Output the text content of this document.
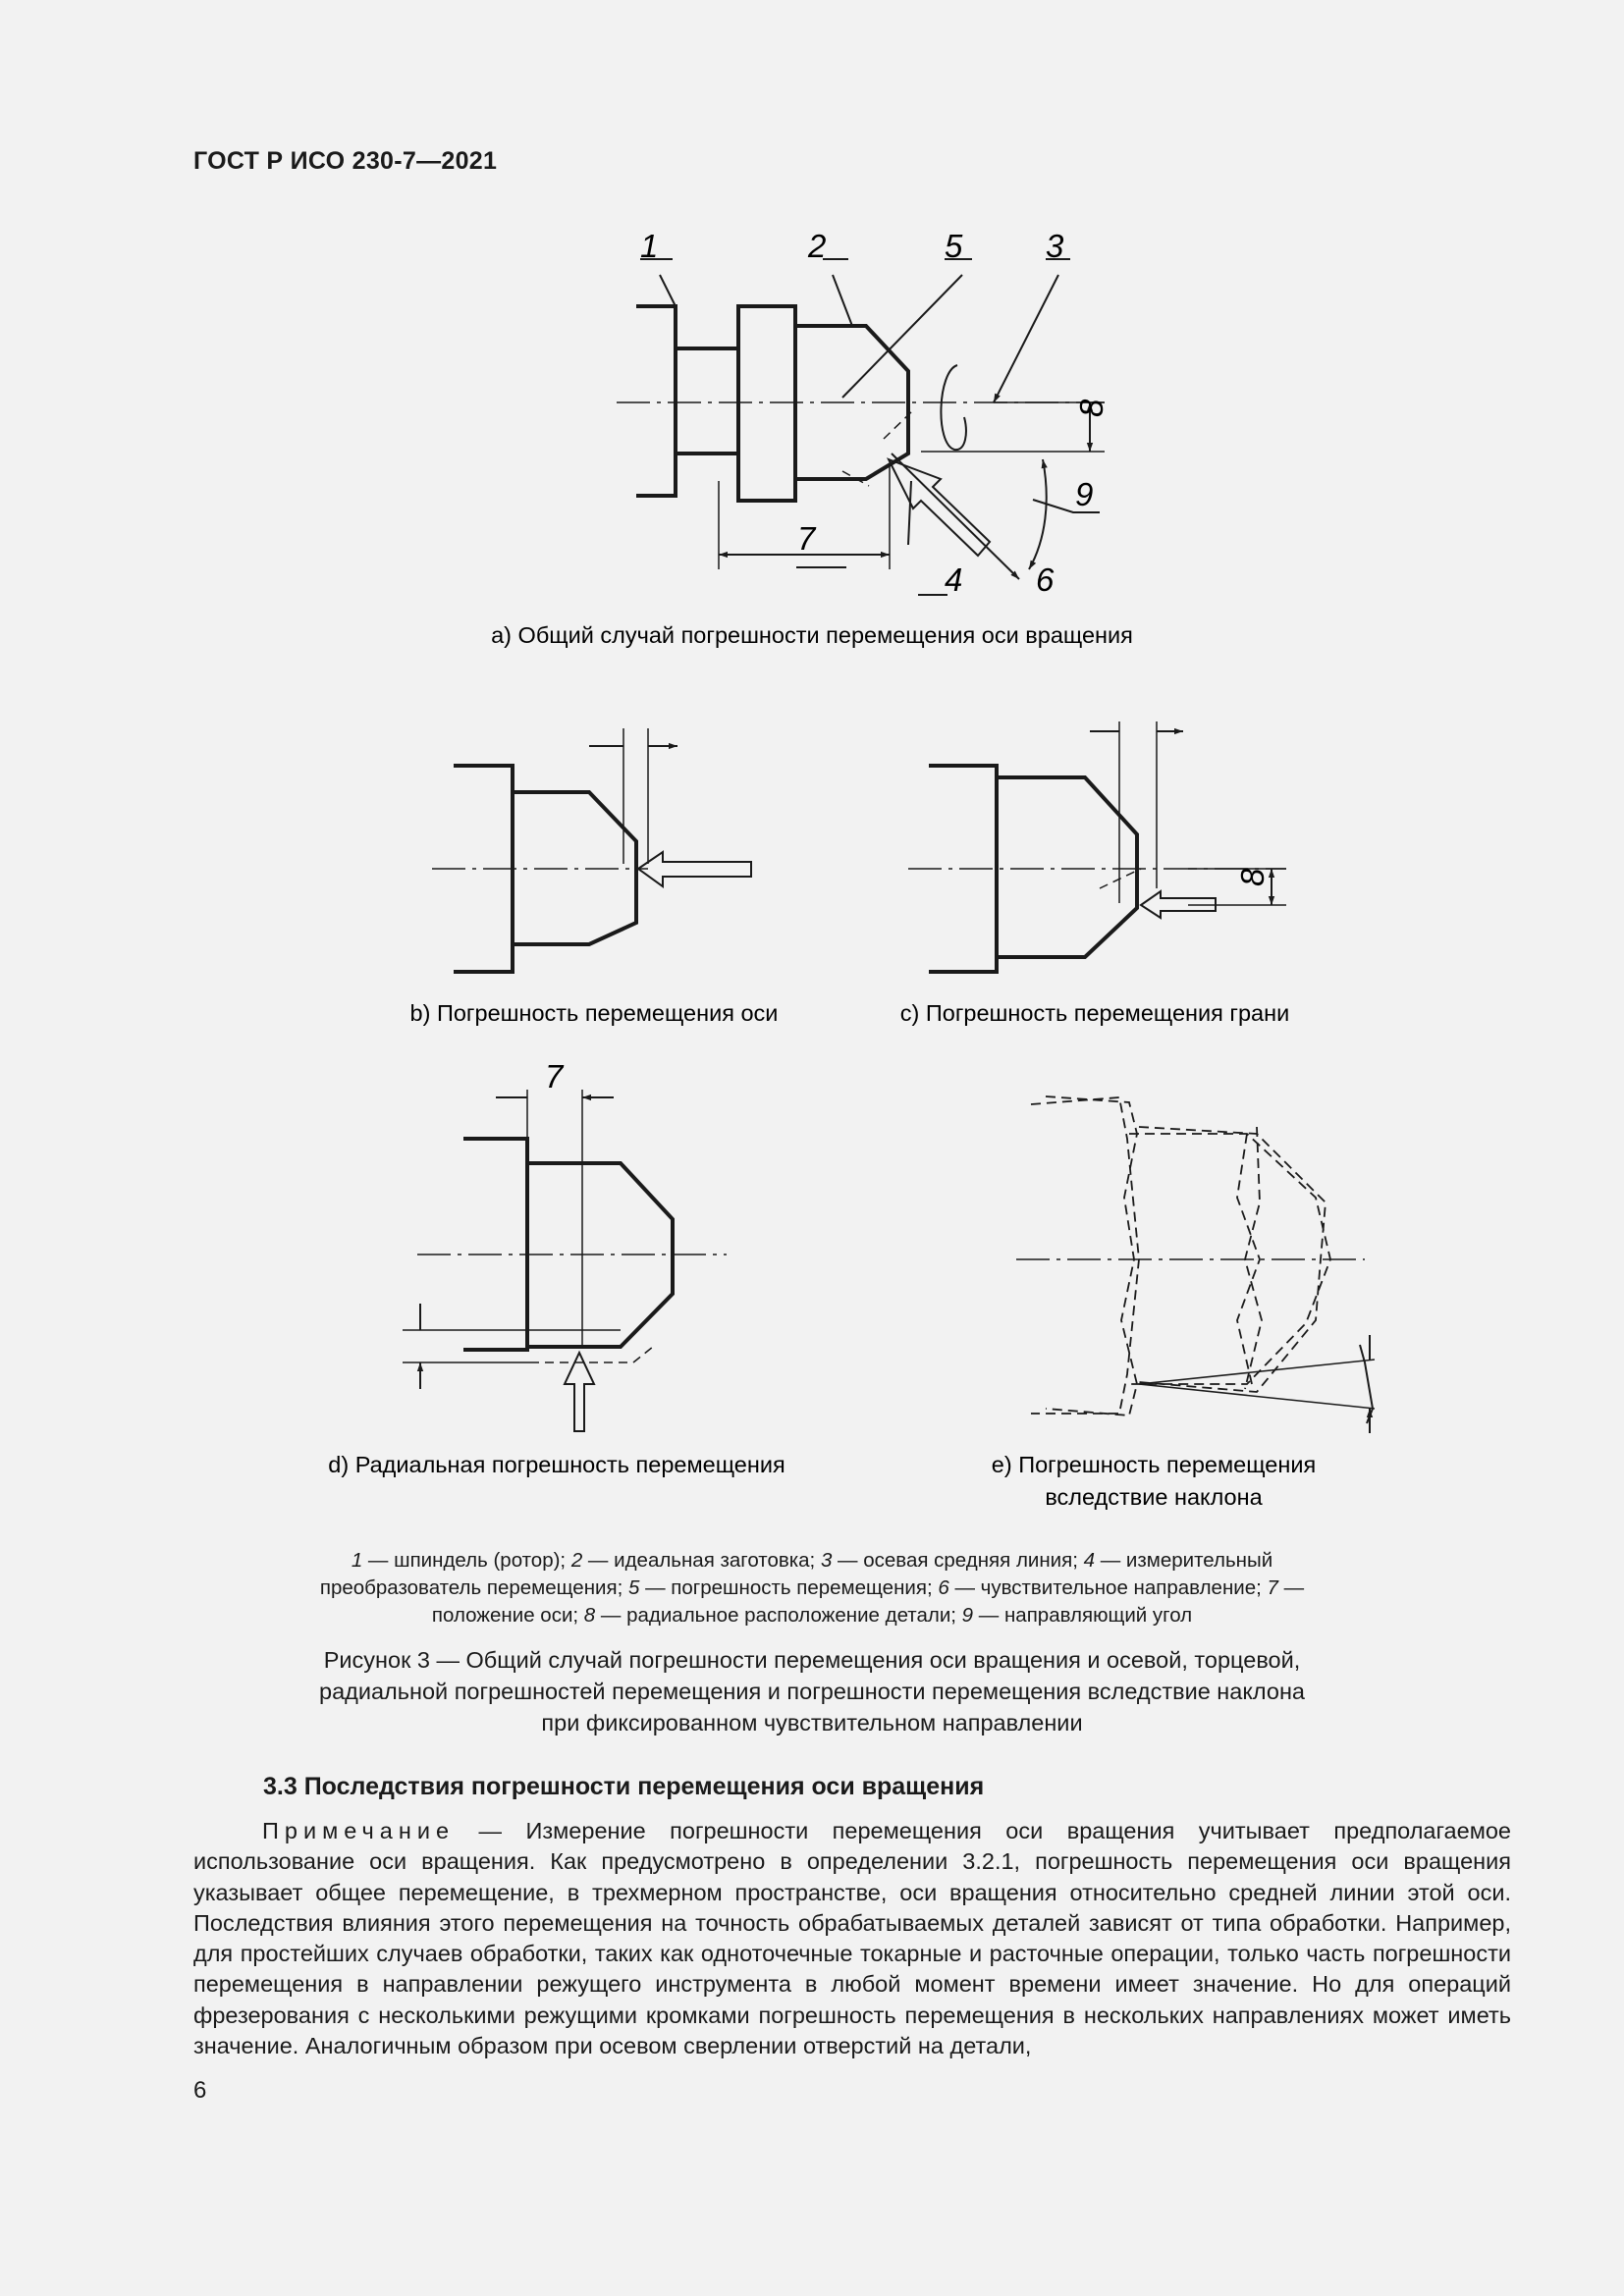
ГОСТ Р ИСО 230-7—2021
1	2	5	3
8
9
7
4 6
a) Общий случай погрешности перемещения оси вращения
b) Погрешность перемещения оси
8
c) Погрешность перемещения грани
7
d) Радиальная погрешность перемещения	e) Погрешность перемещения
вследствие наклона
1 — шпиндель (ротор); 2 — идеальная заготовка; 3 — осевая средняя линия; 4 — измерительный преобразователь перемещения; 5 — погрешность перемещения; 6 — чувствительное направление; 7 — положение оси; 8 — радиальное расположение детали; 9 — направляющий угол
Рисунок 3 — Общий случай погрешности перемещения оси вращения и осевой, торцевой,
радиальной погрешностей перемещения и погрешности перемещения вследствие наклона
при фиксированном чувствительном направлении
3.3 Последствия погрешности перемещения оси вращения
Примечание — Измерение погрешности перемещения оси вращения учитывает предполагаемое использование оси вращения. Как предусмотрено в определении 3.2.1, погрешность перемещения оси вращения указывает общее перемещение, в трехмерном пространстве, оси вращения относительно средней линии этой оси. Последствия влияния этого перемещения на точность обрабатываемых деталей зависят от типа обработки. Например, для простейших случаев обработки, таких как одноточечные токарные и расточные операции, только часть погрешности перемещения в направлении режущего инструмента в любой момент времени имеет значение. Но для операций фрезерования с несколькими режущими кромками погрешность перемещения в нескольких направлениях может иметь значение. Аналогичным образом при осевом сверлении отверстий на детали,
6
